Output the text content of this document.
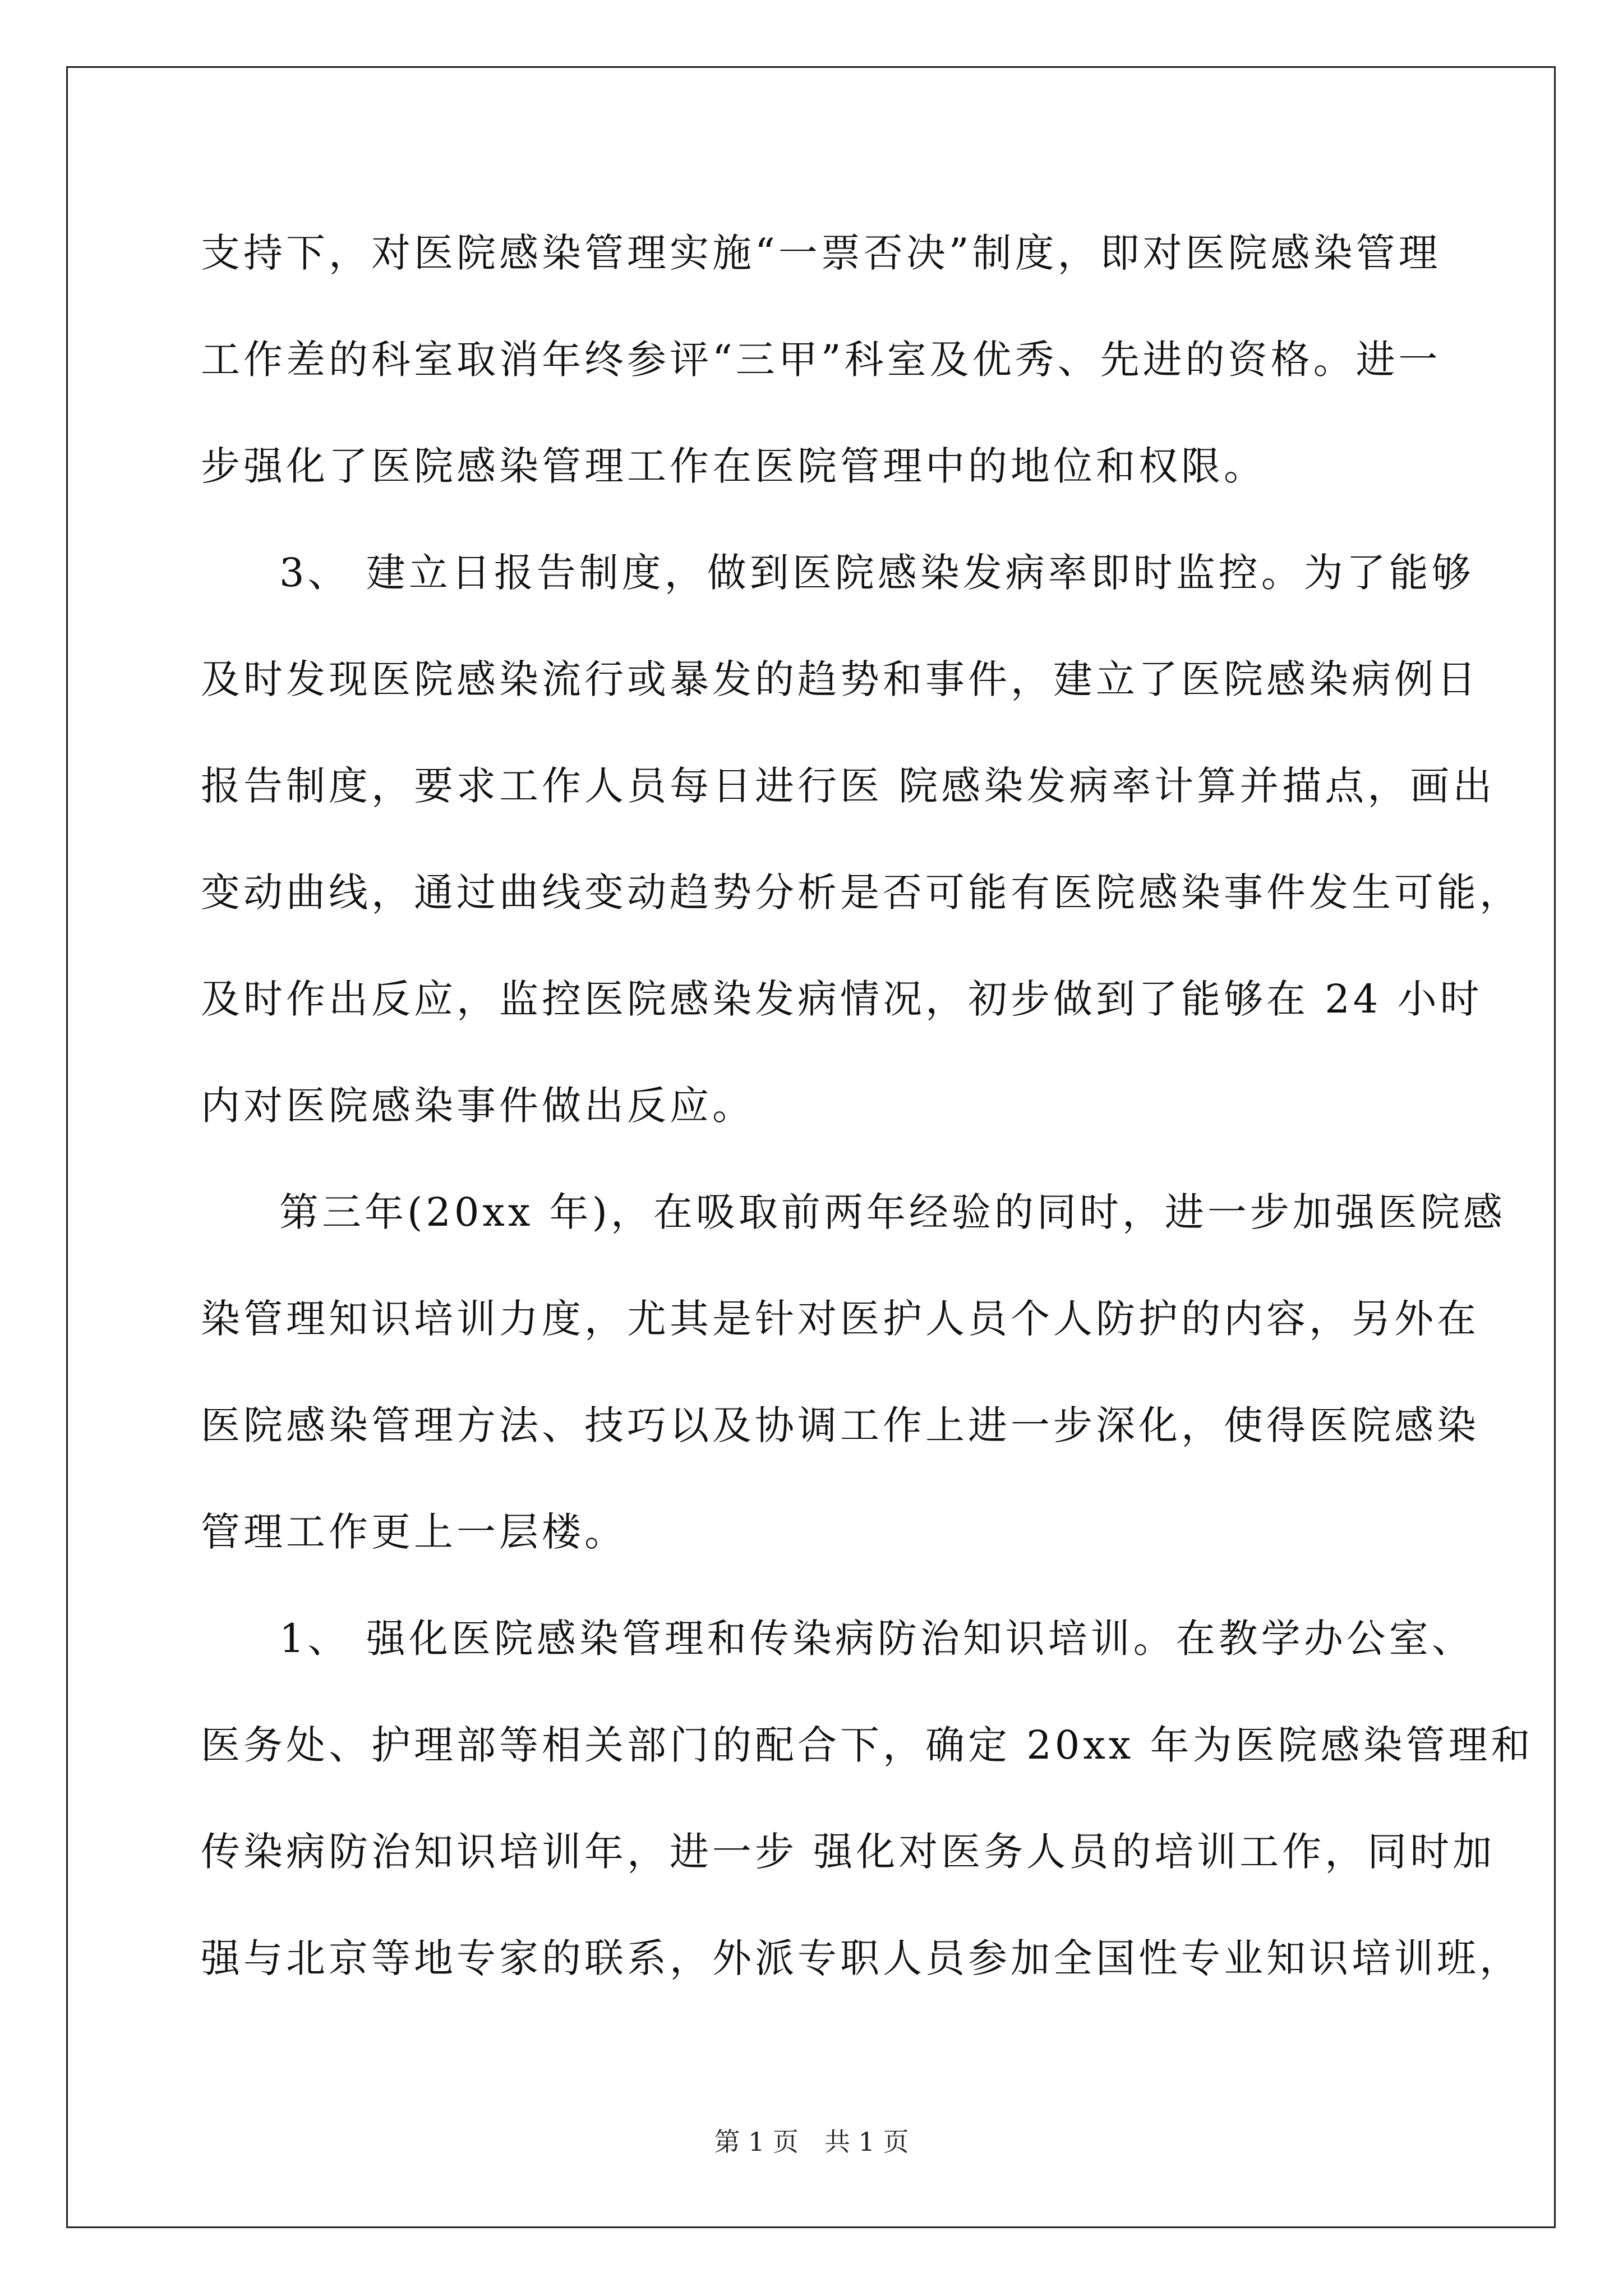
支持下，对医院感染管理实施“一票否决”制度，即对医院感染管理
工作差的科室取消年终参评“三甲”科室及优秀、先进的资格。进一
步强化了医院感染管理工作在医院管理中的地位和权限。
3、 建立日报告制度，做到医院感染发病率即时监控。为了能够
及时发现医院感染流行或暴发的趋势和事件，建立了医院感染病例日
报告制度，要求工作人员每日进行医 院感染发病率计算并描点，画出
变动曲线，通过曲线变动趋势分析是否可能有医院感染事件发生可能，
及时作出反应，监控医院感染发病情况，初步做到了能够在 24 小时
内对医院感染事件做出反应。
第三年(20xx 年)，在吸取前两年经验的同时，进一步加强医院感
染管理知识培训力度，尤其是针对医护人员个人防护的内容，另外在
医院感染管理方法、技巧以及协调工作上进一步深化，使得医院感染
管理工作更上一层楼。
1、 强化医院感染管理和传染病防治知识培训。在教学办公室、
医务处、护理部等相关部门的配合下，确定 20xx 年为医院感染管理和
传染病防治知识培训年，进一步 强化对医务人员的培训工作，同时加
强与北京等地专家的联系，外派专职人员参加全国性专业知识培训班，
第 1 页　共 1 页
